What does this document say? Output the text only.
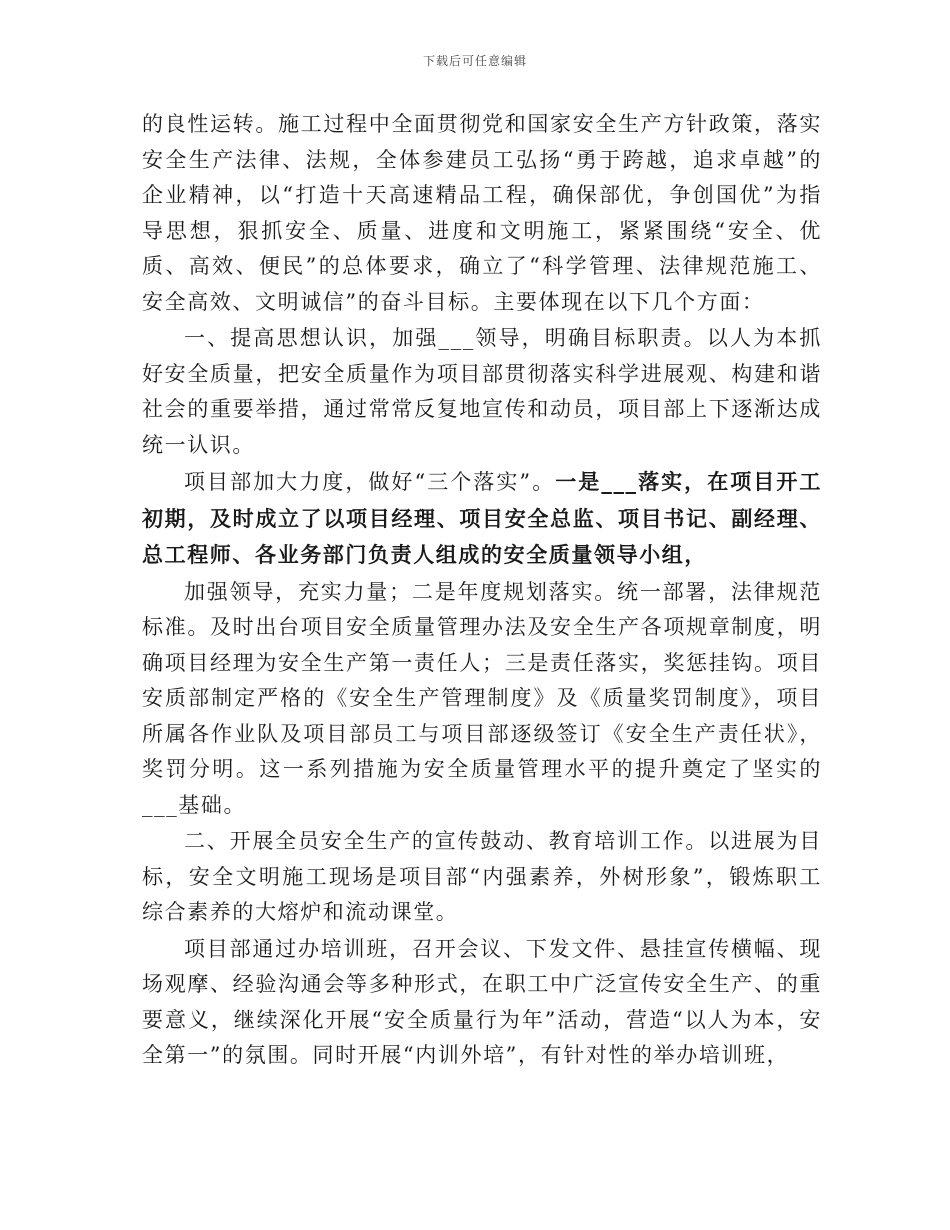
下载后可任意编辑

的良性运转。施工过程中全面贯彻党和国家安全生产方针政策，落实安全生产法律、法规，全体参建员工弘扬“勇于跨越，追求卓越”的企业精神，以“打造十天高速精品工程，确保部优，争创国优”为指导思想，狠抓安全、质量、进度和文明施工，紧紧围绕“安全、优质、高效、便民”的总体要求，确立了“科学管理、法律规范施工、安全高效、文明诚信”的奋斗目标。主要体现在以下几个方面：

一、提高思想认识，加强___领导，明确目标职责。以人为本抓好安全质量，把安全质量作为项目部贯彻落实科学进展观、构建和谐社会的重要举措，通过常常反复地宣传和动员，项目部上下逐渐达成统一认识。

项目部加大力度，做好“三个落实”。一是___落实，在项目开工初期，及时成立了以项目经理、项目安全总监、项目书记、副经理、总工程师、各业务部门负责人组成的安全质量领导小组，

加强领导，充实力量；二是年度规划落实。统一部署，法律规范标准。及时出台项目安全质量管理办法及安全生产各项规章制度，明确项目经理为安全生产第一责任人；三是责任落实，奖惩挂钩。项目安质部制定严格的《安全生产管理制度》及《质量奖罚制度》，项目所属各作业队及项目部员工与项目部逐级签订《安全生产责任状》，奖罚分明。这一系列措施为安全质量管理水平的提升奠定了坚实的___基础。

二、开展全员安全生产的宣传鼓动、教育培训工作。以进展为目标，安全文明施工现场是项目部“内强素养，外树形象”，锻炼职工综合素养的大熔炉和流动课堂。

项目部通过办培训班，召开会议、下发文件、悬挂宣传横幅、现场观摩、经验沟通会等多种形式，在职工中广泛宣传安全生产、的重要意义，继续深化开展“安全质量行为年”活动，营造“以人为本，安全第一”的氛围。同时开展“内训外培”，有针对性的举办培训班，
